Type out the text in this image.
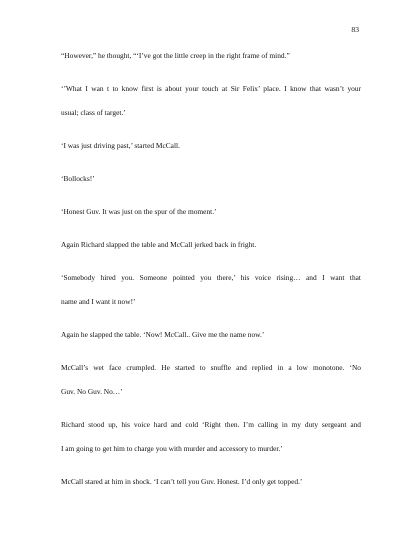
83

“However,” he thought, “‘I’ve got the little creep in the right frame of mind.”

‘’What I wan t to know first is about your touch at Sir Felix’ place. I know that wasn’t your
usual; class of target.’

‘I was just driving past,’ started McCall.

‘Bollocks!’

‘Honest Guv. It was just on the spur of the moment.’

Again Richard slapped the table and McCall jerked back in fright.

‘Somebody hired you. Someone pointed you there,’ his voice rising… and I want that
name and I want it now!’

Again he slapped the table. ‘Now! McCall.. Give me the name now.’

McCall’s wet face crumpled. He started to snuffle and replied in a low monotone. ‘No
Guv. No Guv. No…’

Richard stood up, his voice hard and cold ‘Right then. I’m calling in my duty sergeant and
I am going to get him to charge you with murder and accessory to murder.’

McCall stared at him in shock. ‘I can’t tell you Guv. Honest. I’d only get topped.’
